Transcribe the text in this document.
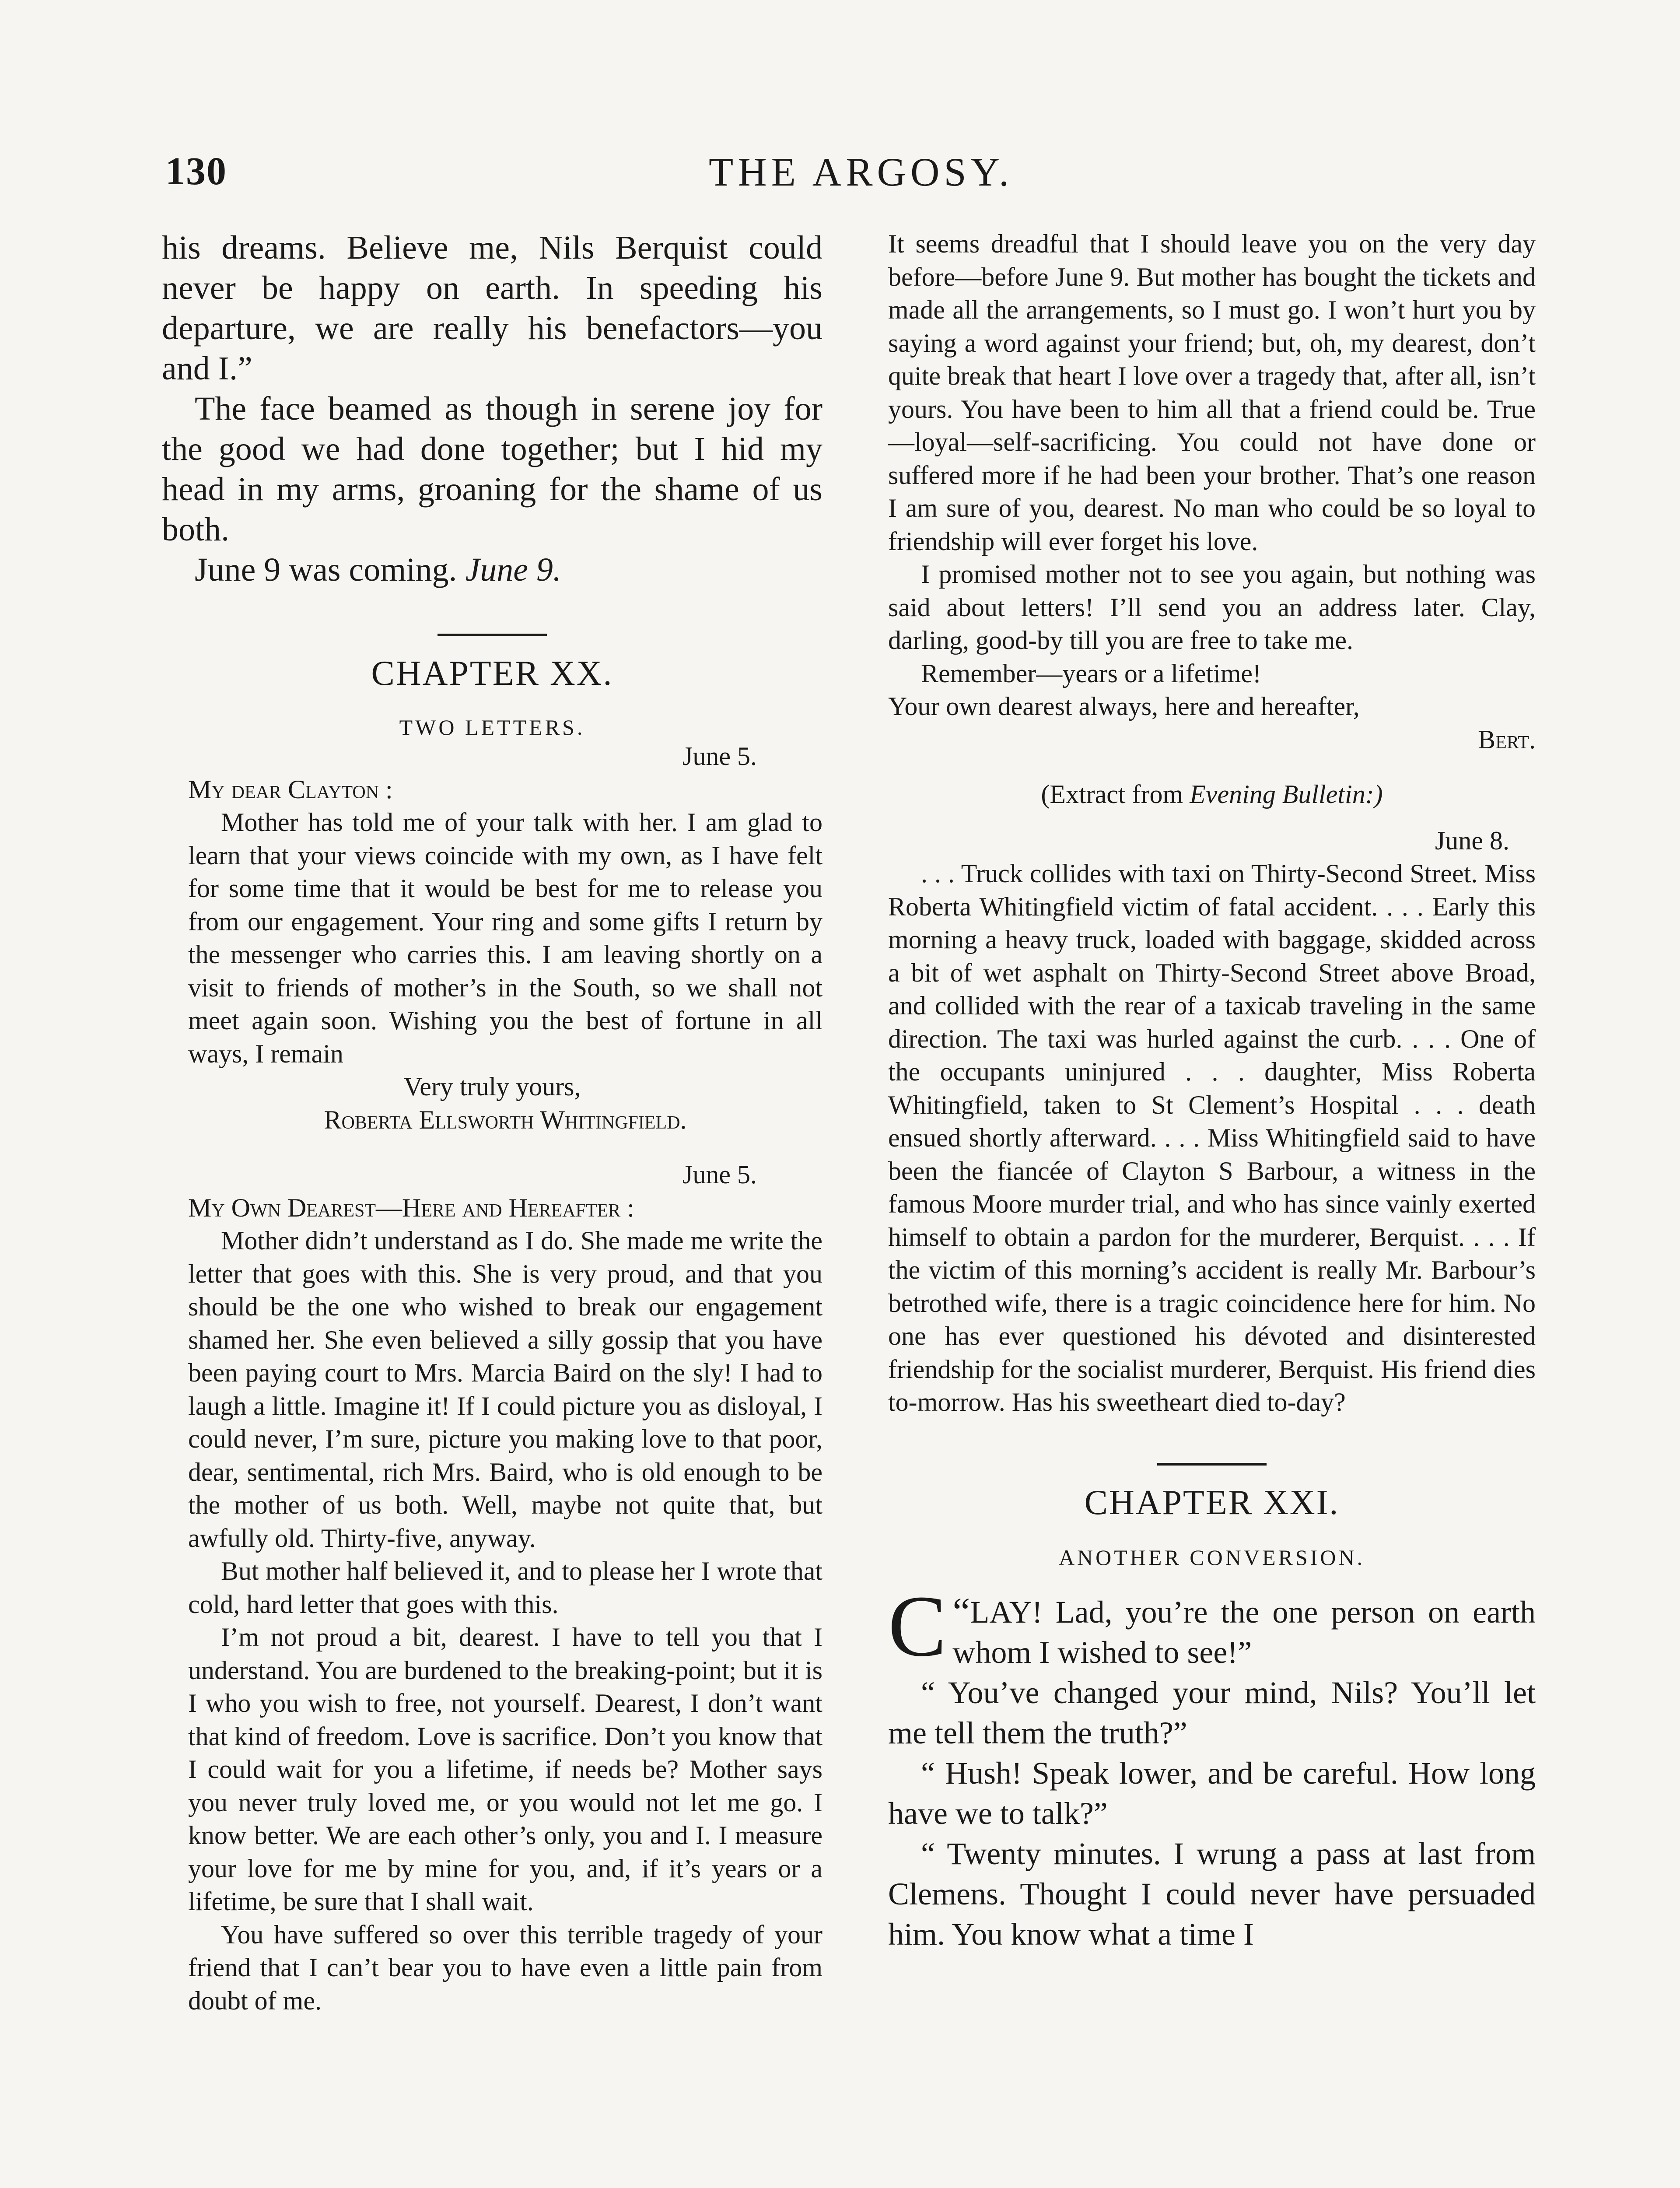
130	THE ARGOSY.

his dreams. Believe me, Nils Berquist could never be happy on earth. In speeding his departure, we are really his benefactors—you and I.”

The face beamed as though in serene joy for the good we had done together; but I hid my head in my arms, groaning for the shame of us both.

June 9 was coming. June 9.

CHAPTER XX.
TWO LETTERS.
June 5.
My dear Clayton :

Mother has told me of your talk with her. I am glad to learn that your views coincide with my own, as I have felt for some time that it would be best for me to release you from our engagement. Your ring and some gifts I return by the messenger who carries this. I am leaving shortly on a visit to friends of mother’s in the South, so we shall not meet again soon. Wishing you the best of fortune in all ways, I remain

Very truly yours,
Roberta Ellsworth Whitingfield.
June 5.
My Own Dearest—Here and Hereafter :

Mother didn’t understand as I do. She made me write the letter that goes with this. She is very proud, and that you should be the one who wished to break our engagement shamed her. She even believed a silly gossip that you have been paying court to Mrs. Marcia Baird on the sly! I had to laugh a little. Imagine it! If I could picture you as disloyal, I could never, I’m sure, picture you making love to that poor, dear, sentimental, rich Mrs. Baird, who is old enough to be the mother of us both. Well, maybe not quite that, but awfully old. Thirty-five, anyway.

But mother half believed it, and to please her I wrote that cold, hard letter that goes with this.

I’m not proud a bit, dearest. I have to tell you that I understand. You are burdened to the breaking-point; but it is I who you wish to free, not yourself. Dearest, I don’t want that kind of freedom. Love is sacrifice. Don’t you know that I could wait for you a lifetime, if needs be? Mother says you never truly loved me, or you would not let me go. I know better. We are each other’s only, you and I. I measure your love for me by mine for you, and, if it’s years or a lifetime, be sure that I shall wait.

You have suffered so over this terrible tragedy of your friend that I can’t bear you to have even a little pain from doubt of me.

It seems dreadful that I should leave you on the very day before—before June 9. But mother has bought the tickets and made all the arrangements, so I must go. I won’t hurt you by saying a word against your friend; but, oh, my dearest, don’t quite break that heart I love over a tragedy that, after all, isn’t yours. You have been to him all that a friend could be. True—loyal—self-sacrificing. You could not have done or suffered more if he had been your brother. That’s one reason I am sure of you, dearest. No man who could be so loyal to friendship will ever forget his love.

I promised mother not to see you again, but nothing was said about letters! I’ll send you an address later. Clay, darling, good-by till you are free to take me.

Remember—years or a lifetime!

Your own dearest always, here and hereafter,
Bert.
(Extract from Evening Bulletin:)
June 8.

. . . Truck collides with taxi on Thirty-Second Street. Miss Roberta Whitingfield victim of fatal accident. . . . Early this morning a heavy truck, loaded with baggage, skidded across a bit of wet asphalt on Thirty-Second Street above Broad, and collided with the rear of a taxicab traveling in the same direction. The taxi was hurled against the curb. . . . One of the occupants uninjured . . . daughter, Miss Roberta Whitingfield, taken to St Clement’s Hospital . . . death ensued shortly afterward. . . . Miss Whitingfield said to have been the fiancée of Clayton S Barbour, a witness in the famous Moore murder trial, and who has since vainly exerted himself to obtain a pardon for the murderer, Berquist. . . . If the victim of this morning’s accident is really Mr. Barbour’s betrothed wife, there is a tragic coincidence here for him. No one has ever questioned his dévoted and disinterested friendship for the socialist murderer, Berquist. His friend dies to-morrow. Has his sweetheart died to-day?

CHAPTER XXI.
ANOTHER CONVERSION.

“
C LAY! Lad, you’re the one person on earth whom I wished to see!”

“ You’ve changed your mind, Nils? You’ll let me tell them the truth?”

“ Hush! Speak lower, and be careful. How long have we to talk?”

“ Twenty minutes. I wrung a pass at last from Clemens. Thought I could never have persuaded him. You know what a time I
